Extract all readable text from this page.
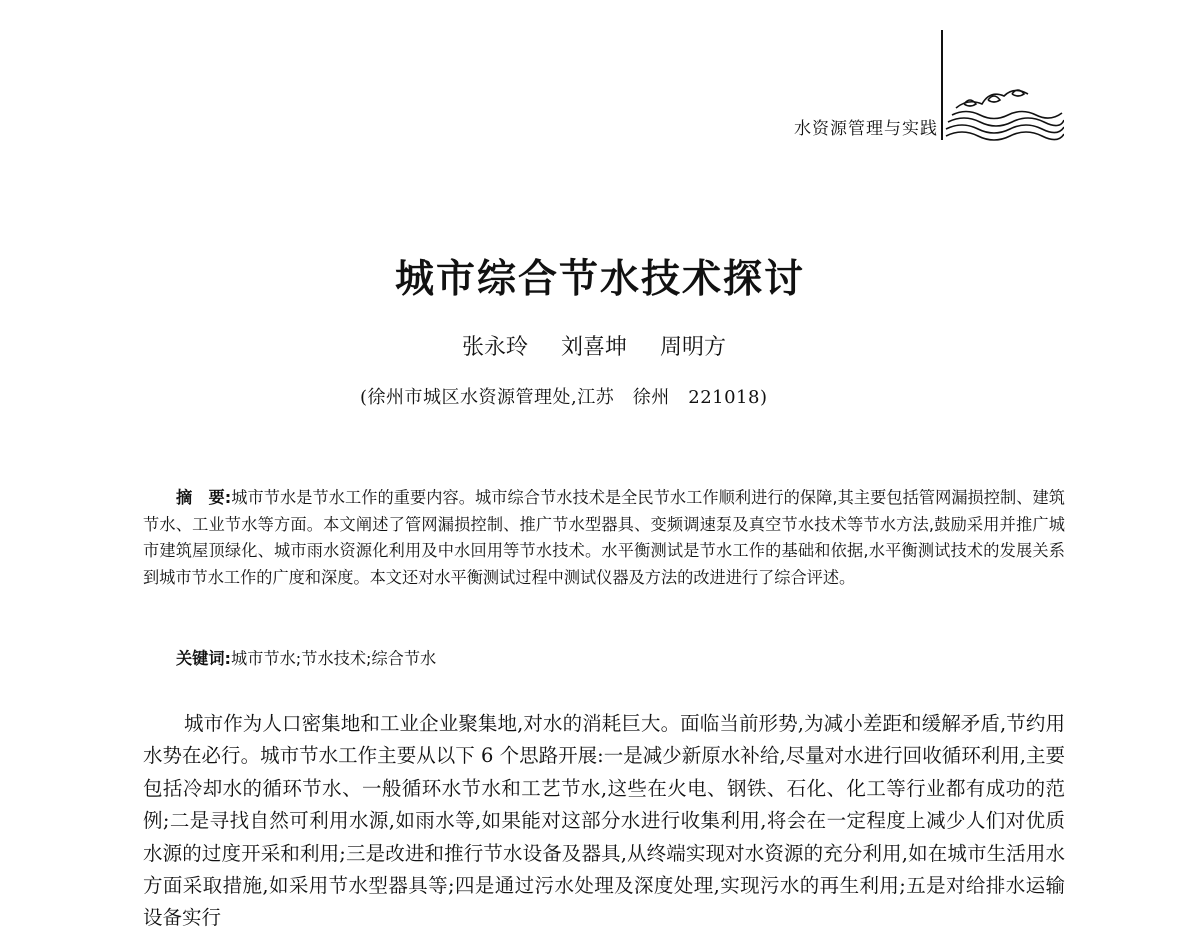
水资源管理与实践
城市综合节水技术探讨
张永玲 刘喜坤 周明方
(徐州市城区水资源管理处,江苏　徐州　221018)
摘　要:城市节水是节水工作的重要内容。城市综合节水技术是全民节水工作顺利进行的保障,其主要包括管网漏损控制、建筑节水、工业节水等方面。本文阐述了管网漏损控制、推广节水型器具、变频调速泵及真空节水技术等节水方法,鼓励采用并推广城市建筑屋顶绿化、城市雨水资源化利用及中水回用等节水技术。水平衡测试是节水工作的基础和依据,水平衡测试技术的发展关系到城市节水工作的广度和深度。本文还对水平衡测试过程中测试仪器及方法的改进进行了综合评述。
关键词:城市节水;节水技术;综合节水
城市作为人口密集地和工业企业聚集地,对水的消耗巨大。面临当前形势,为减小差距和缓解矛盾,节约用水势在必行。城市节水工作主要从以下 6 个思路开展:一是减少新原水补给,尽量对水进行回收循环利用,主要包括冷却水的循环节水、一般循环水节水和工艺节水,这些在火电、钢铁、石化、化工等行业都有成功的范例;二是寻找自然可利用水源,如雨水等,如果能对这部分水进行收集利用,将会在一定程度上减少人们对优质水源的过度开采和利用;三是改进和推行节水设备及器具,从终端实现对水资源的充分利用,如在城市生活用水方面采取措施,如采用节水型器具等;四是通过污水处理及深度处理,实现污水的再生利用;五是对给排水运输设备实行
